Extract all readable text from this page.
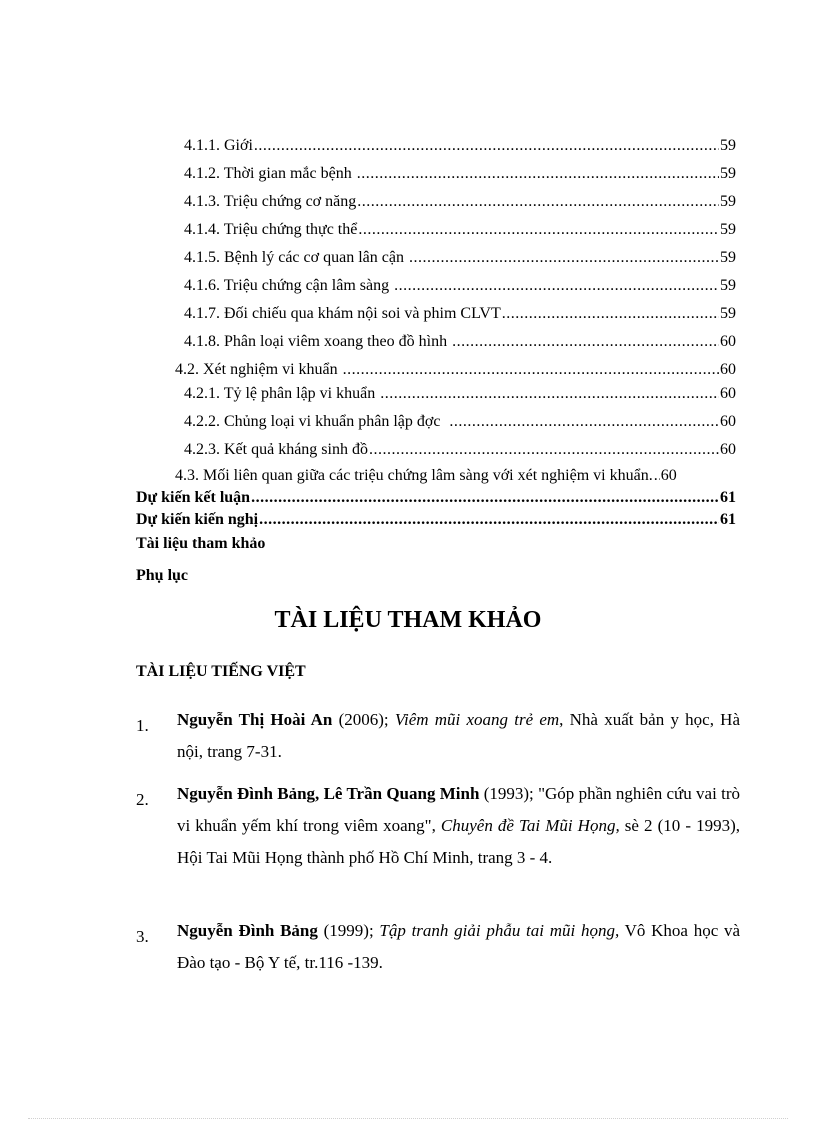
4.1.1. Giới .....	59
4.1.2. Thời gian mắc bệnh .....	59
4.1.3. Triệu chứng cơ năng .....	59
4.1.4. Triệu chứng thực thể .....	59
4.1.5. Bệnh lý các cơ quan lân cận .....	59
4.1.6. Triệu chứng cận lâm sàng .....	59
4.1.7. Đối chiếu qua khám nội soi và phim CLVT .....	59
4.1.8. Phân loại viêm xoang theo đồ hình .....	60
4.2. Xét nghiệm vi khuẩn .....	60
4.2.1. Tỷ lệ phân lập vi khuẩn .....	60
4.2.2. Chủng loại vi khuẩn phân lập đợc .....	60
4.2.3. Kết quả kháng sinh đồ .....	60
4.3. Mối liên quan giữa các triệu chứng lâm sàng với xét nghiệm vi khuẩn. ..... 60
Dự kiến kết luận .....	61
Dự kiến kiến nghị .....	61
Tài liệu tham khảo
Phụ lục
TÀI LIỆU THAM KHẢO
TÀI LIỆU TIẾNG VIỆT
1. Nguyễn Thị Hoài An (2006); Viêm mũi xoang trẻ em, Nhà xuất bản y học, Hà nội, trang 7-31.
2. Nguyễn Đình Bảng, Lê Trần Quang Minh (1993); "Góp phần nghiên cứu vai trò vi khuẩn yếm khí trong viêm xoang", Chuyên đề Tai Mũi Họng, sè 2 (10 - 1993), Hội Tai Mũi Họng thành phố Hồ Chí Minh, trang 3 - 4.
3. Nguyễn Đình Bảng (1999); Tập tranh giải phẫu tai mũi họng, Vô Khoa học và Đào tạo - Bộ Y tế, tr.116 -139.
